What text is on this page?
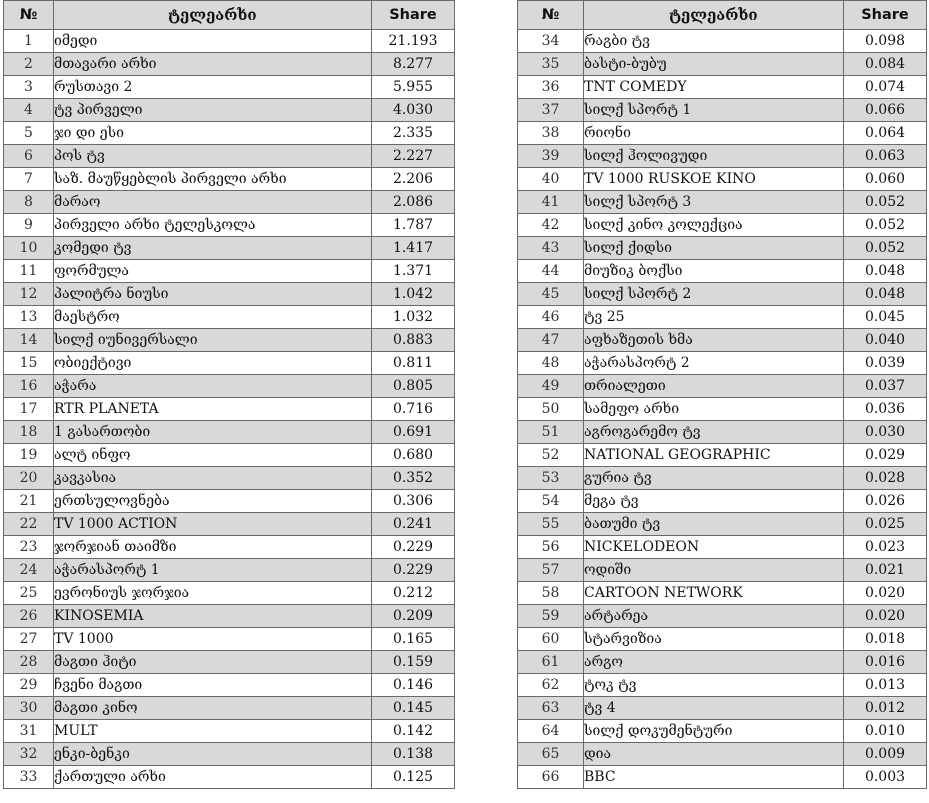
№	ტელეარხი	Share
1	იმედი	21.193
2	მთავარი არხი	8.277
3	რუსთავი 2	5.955
4	ტვ პირველი	4.030
5	ჯი დი ესი	2.335
6	პოს ტვ	2.227
7	საზ. მაუწყებლის პირველი არხი	2.206
8	მარაო	2.086
9	პირველი არხი ტელესკოლა	1.787
10	კომედი ტვ	1.417
11	ფორმულა	1.371
12	პალიტრა ნიუსი	1.042
13	მაესტრო	1.032
14	სილქ იუნივერსალი	0.883
15	ობიექტივი	0.811
16	აჭარა	0.805
17	RTR PLANETA	0.716
18	1 გასართობი	0.691
19	ალტ ინფო	0.680
20	კავკასია	0.352
21	ერთსულოვნება	0.306
22	TV 1000 ACTION	0.241
23	ჯორჯიან თაიმზი	0.229
24	აჭარასპორტ 1	0.229
25	ევრონიუს ჯორჯია	0.212
26	KINOSEMIA	0.209
27	TV 1000	0.165
28	მაგთი ჰიტი	0.159
29	ჩვენი მაგთი	0.146
30	მაგთი კინო	0.145
31	MULT	0.142
32	ენკი-ბენკი	0.138
33	ქართული არხი	0.125
№	ტელეარხი	Share
34	რაგბი ტვ	0.098
35	ბასტი-ბუბუ	0.084
36	TNT COMEDY	0.074
37	სილქ სპორტ 1	0.066
38	რიონი	0.064
39	სილქ ჰოლივუდი	0.063
40	TV 1000 RUSKOE KINO	0.060
41	სილქ სპორტ 3	0.052
42	სილქ კინო კოლექცია	0.052
43	სილქ ქიდსი	0.052
44	მიუზიკ ბოქსი	0.048
45	სილქ სპორტ 2	0.048
46	ტვ 25	0.045
47	აფხაზეთის ხმა	0.040
48	აჭარასპორტ 2	0.039
49	თრიალეთი	0.037
50	სამეფო არხი	0.036
51	აგროგარემო ტვ	0.030
52	NATIONAL GEOGRAPHIC	0.029
53	გურია ტვ	0.028
54	მეგა ტვ	0.026
55	ბათუმი ტვ	0.025
56	NICKELODEON	0.023
57	ოდიში	0.021
58	CARTOON NETWORK	0.020
59	არტარეა	0.020
60	სტარვიზია	0.018
61	არგო	0.016
62	ტოკ ტვ	0.013
63	ტვ 4	0.012
64	სილქ დოკუმენტური	0.010
65	დია	0.009
66	BBC	0.003
